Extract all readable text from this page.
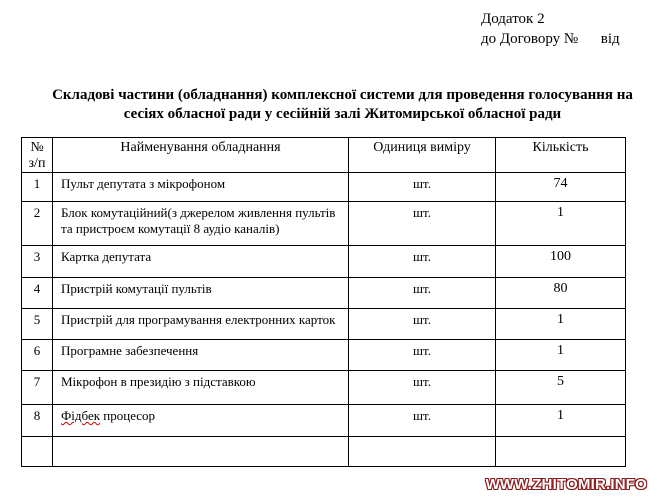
Додаток 2
до Договору №      від
Складові частини (обладнання) комплексної системи для проведення голосування на
сесіях обласної ради у сесійній залі Житомирської обласної ради
№
з/п	Найменування обладнання	Одиниця виміру	Кількість
1	Пульт депутата з мікрофоном	шт.	74
2	Блок комутаційний(з джерелом живлення пультів та пристроєм комутації 8 аудіо каналів)	шт.	1
3	Картка депутата	шт.	100
4	Пристрій комутації пультів	шт.	80
5	Пристрій для програмування електронних карток	шт.	1
6	Програмне забезпечення	шт.	1
7	Мікрофон в президію з підставкою	шт.	5
8	Фідбек процесор	шт.	1

WWW.ZHITOMIR.INFO
